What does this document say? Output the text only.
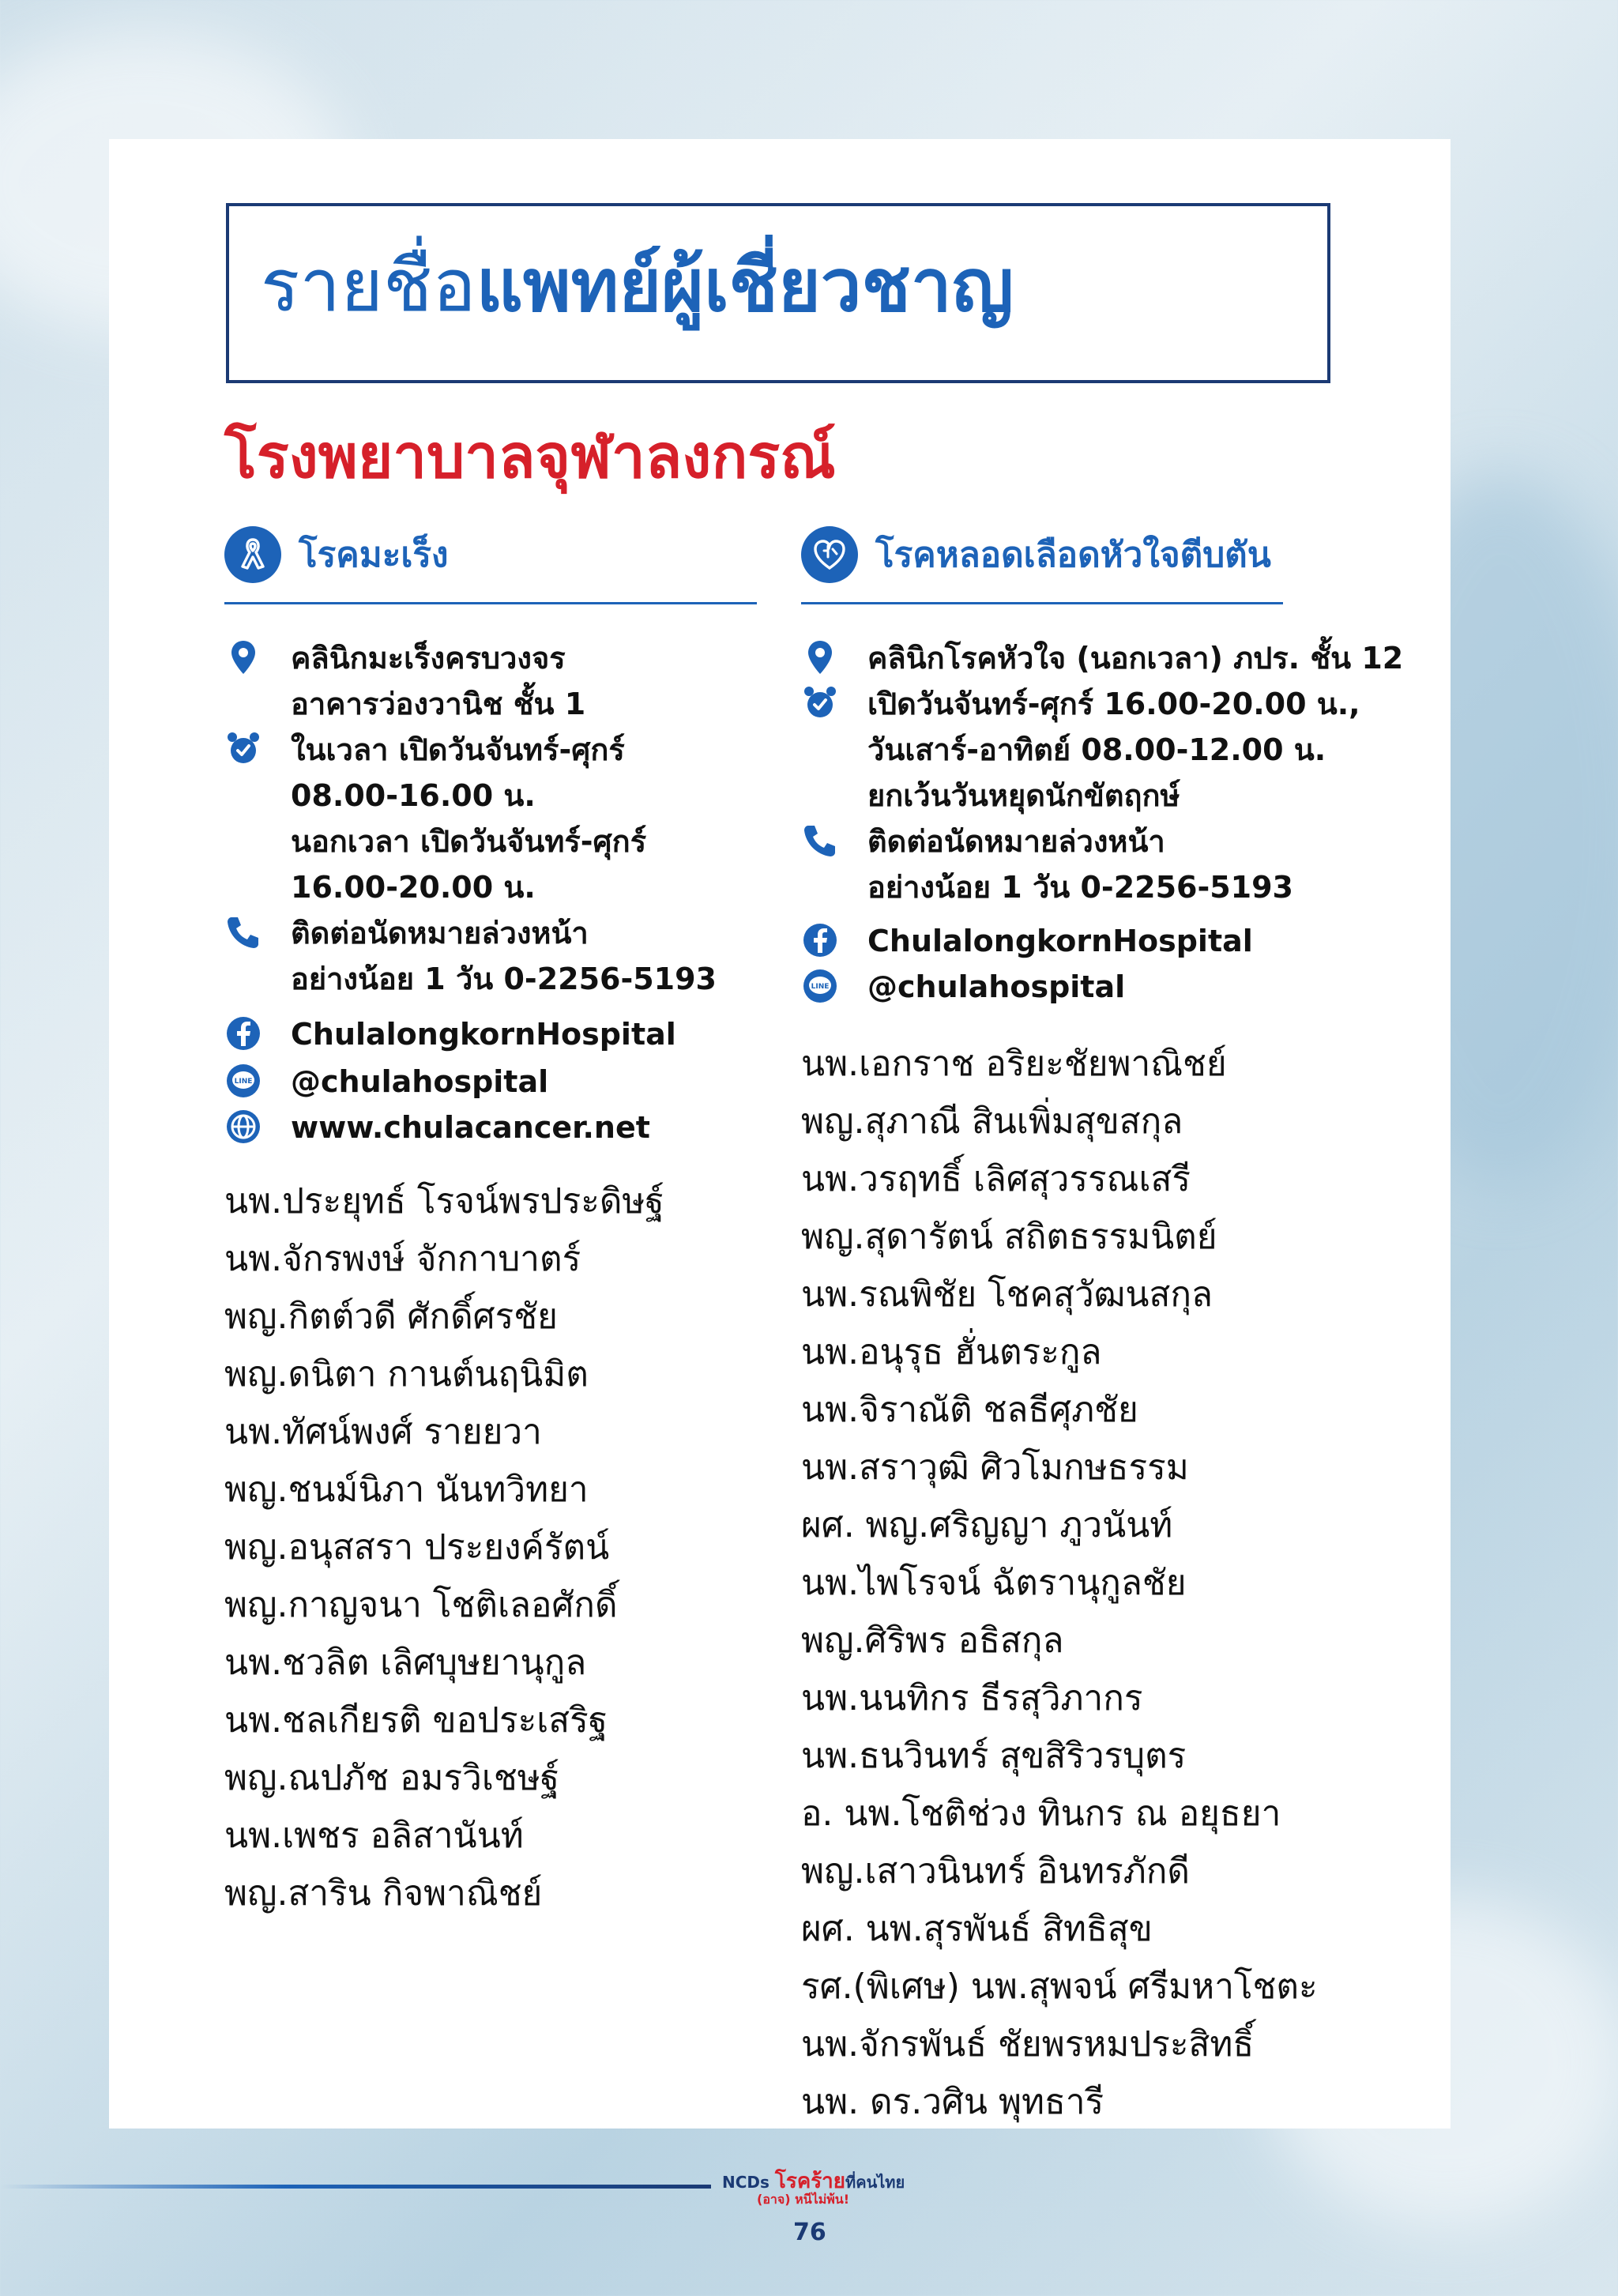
รายชื่อแพทย์ผู้เชี่ยวชาญ
โรงพยาบาลจุฬาลงกรณ์
โรคมะเร็ง	โรคหลอดเลือดหัวใจตีบตัน
คลินิกมะเร็งครบวงจร
อาคารว่องวานิช ชั้น 1
ในเวลา เปิดวันจันทร์-ศุกร์
08.00-16.00 น.
นอกเวลา เปิดวันจันทร์-ศุกร์
16.00-20.00 น.
ติดต่อนัดหมายล่วงหน้า
อย่างน้อย 1 วัน 0-2256-5193
ChulalongkornHospital
LINE @chulahospital
www.chulacancer.net
คลินิกโรคหัวใจ (นอกเวลา) ภปร. ชั้น 12
เปิดวันจันทร์-ศุกร์ 16.00-20.00 น.,
วันเสาร์-อาทิตย์ 08.00-12.00 น.
ยกเว้นวันหยุดนักขัตฤกษ์
ติดต่อนัดหมายล่วงหน้า
อย่างน้อย 1 วัน 0-2256-5193
ChulalongkornHospital
LINE @chulahospital
นพ.ประยุทธ์ โรจน์พรประดิษฐ์
นพ.จักรพงษ์ จักกาบาตร์
พญ.กิตต์วดี ศักดิ์ศรชัย
พญ.ดนิตา กานต์นฤนิมิต
นพ.ทัศน์พงศ์ รายยวา
พญ.ชนม์นิภา นันทวิทยา
พญ.อนุสสรา ประยงค์รัตน์
พญ.กาญจนา โชติเลอศักดิ์
นพ.ชวลิต เลิศบุษยานุกูล
นพ.ชลเกียรติ ขอประเสริฐ
พญ.ณปภัช อมรวิเชษฐ์
นพ.เพชร อลิสานันท์
พญ.สาริน กิจพาณิชย์
นพ.เอกราช อริยะชัยพาณิชย์
พญ.สุภาณี สินเพิ่มสุขสกุล
นพ.วรฤทธิ์ เลิศสุวรรณเสรี
พญ.สุดารัตน์ สถิตธรรมนิตย์
นพ.รณพิชัย โชคสุวัฒนสกุล
นพ.อนุรุธ ฮั่นตระกูล
นพ.จิราณัติ ชลธีศุภชัย
นพ.สราวุฒิ ศิวโมกษธรรม
ผศ. พญ.ศริญญา ภูวนันท์
นพ.ไพโรจน์ ฉัตรานุกูลชัย
พญ.ศิริพร อธิสกุล
นพ.นนทิกร ธีรสุวิภากร
นพ.ธนวินทร์ สุขสิริวรบุตร
อ. นพ.โชติช่วง ทินกร ณ อยุธยา
พญ.เสาวนินทร์ อินทรภักดี
ผศ. นพ.สุรพันธ์ สิทธิสุข
รศ.(พิเศษ) นพ.สุพจน์ ศรีมหาโชตะ
นพ.จักรพันธ์ ชัยพรหมประสิทธิ์
นพ. ดร.วศิน พุทธารี
NCDs โรคร้ายที่คนไทย
(อาจ) หนีไม่พ้น!
76
